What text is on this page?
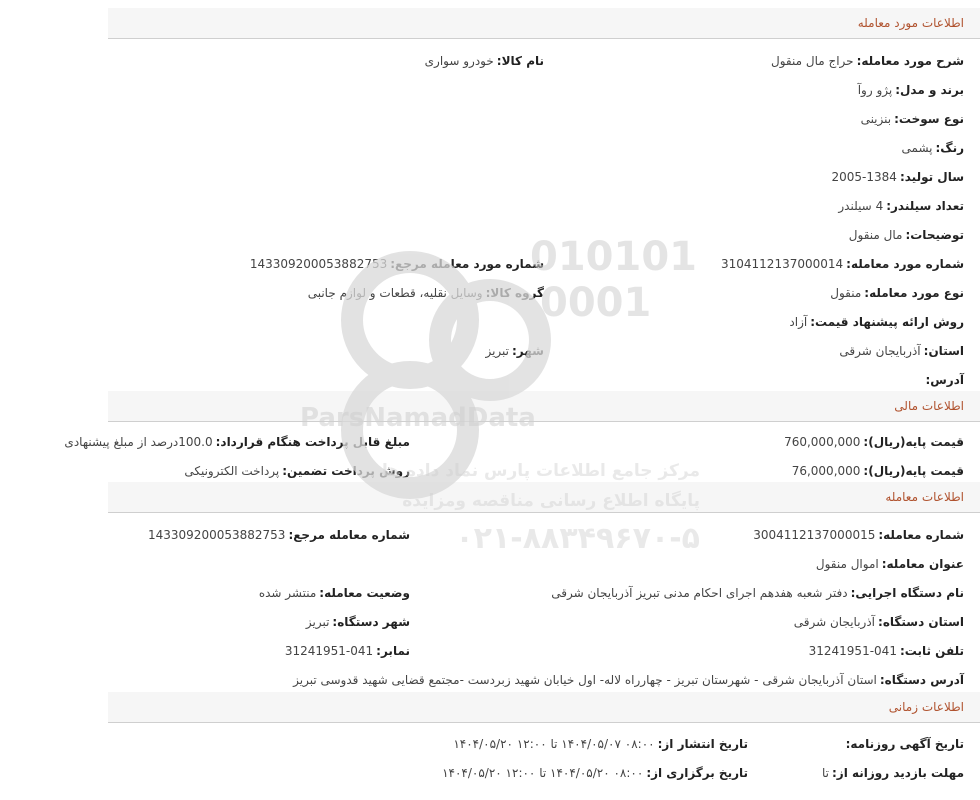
اطلاعات مورد معامله
شرح مورد معامله:حراج مال منقول
نام کالا:خودرو سواری
برند و مدل:پژو روآ
نوع سوخت:بنزینی
رنگ:پشمی
سال تولید:1384-2005
تعداد سیلندر:4 سیلندر
توضیحات:مال منقول
شماره مورد معامله:3104112137000014
شماره مورد معامله مرجع:143309200053882753
نوع مورد معامله:منقول
گروه کالا:وسایل نقلیه، قطعات و لوازم جانبی
روش ارائه پیشنهاد قیمت:آزاد
استان:آذربایجان شرقی
شهر:تبریز
آدرس:
اطلاعات مالی
قیمت پایه(ریال):760,000,000
مبلغ قابل پرداخت هنگام قرارداد:100.0درصد از مبلغ پیشنهادی
قیمت پایه(ریال):76,000,000
روش پرداخت تضمین:پرداخت الکترونیکی
اطلاعات معامله
شماره معامله:3004112137000015
شماره معامله مرجع:143309200053882753
عنوان معامله:اموال منقول
نام دستگاه اجرایی:دفتر شعبه هفدهم اجرای احکام مدنی تبریز آذربایجان شرقی
وضعیت معامله:منتشر شده
استان دستگاه:آذربایجان شرقی
شهر دستگاه:تبریز
تلفن ثابت:041-31241951
نمابر:041-31241951
آدرس دستگاه:استان آذربایجان شرقی - شهرستان تبریز - چهارراه لاله- اول خیابان شهید زبردست -مجتمع قضایی شهید قدوسی تبریز
اطلاعات زمانی
تاریخ آگهی روزنامه:
تاریخ انتشار از:۰۸:۰۰ ۱۴۰۴/۰۵/۰۷ تا ۱۲:۰۰ ۱۴۰۴/۰۵/۲۰
مهلت بازدید روزانه از:تا
تاریخ برگزاری از:۰۸:۰۰ ۱۴۰۴/۰۵/۲۰ تا ۱۲:۰۰ ۱۴۰۴/۰۵/۲۰
010101
0001
ParsNamadData
مرکز جامع اطلاعات پارس نماد داده ها
پایگاه اطلاع رسانی مناقصه ومزایده
۰۲۱-۸۸۳۴۹۶۷۰-۵
